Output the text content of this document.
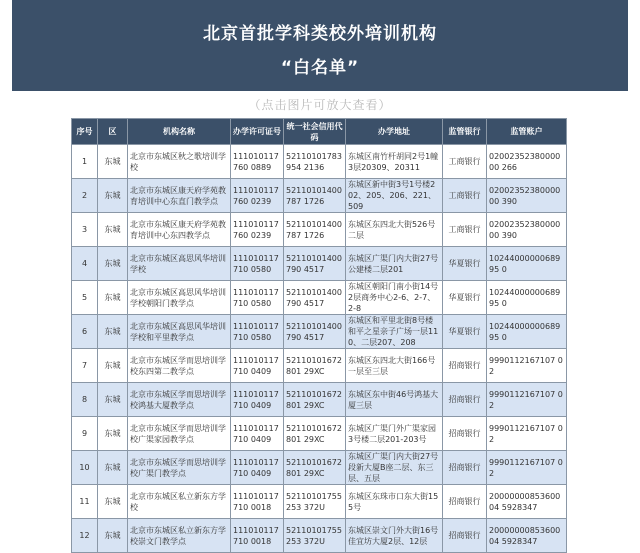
北京首批学科类校外培训机构
“白名单”
（点击图片可放大查看）
序号	区	机构名称	办学许可证号	统一社会信用代码	办学地址	监管银行	监管账户

1	东城	北京市东城区秋之歌培训学校	111010117760 0889	52110101783954 2136	东城区南竹杆胡同2号1幢3层20309、20311	工商银行	0200235238000000 266

2	东城	北京市东城区康天府学苑教育培训中心东直门教学点	111010117760 0239	52110101400787 1726	东城区新中街3号1号楼202、205、206、221、509	工商银行	0200235238000000 390

3	东城	北京市东城区康天府学苑教育培训中心东四教学点	111010117760 0239	52110101400787 1726	东城区东四北大街526号二层	工商银行	0200235238000000 390

4	东城	北京市东城区高思风华培训学校	111010117710 0580	52110101400790 4517	东城区广渠门内大街27号公建楼二层201	华夏银行	1024400000068995 0

5	东城	北京市东城区高思风华培训学校朝阳门教学点	111010117710 0580	52110101400790 4517	东城区朝阳门南小街14号2层商务中心2-6、2-7、2-8	华夏银行	1024400000068995 0

6	东城	北京市东城区高思风华培训学校和平里教学点	111010117710 0580	52110101400790 4517	东城区和平里北街8号楼和平之星亲子广场一层110、二层207、208	华夏银行	1024400000068995 0

7	东城	北京市东城区学而思培训学校东四第二教学点	111010117710 0409	52110101672801 29XC	东城区东四北大街166号一层至三层	招商银行	9990112167107 02

8	东城	北京市东城区学而思培训学校鸿基大厦教学点	111010117710 0409	52110101672801 29XC	东城区东中街46号鸿基大厦三层	招商银行	9990112167107 02

9	东城	北京市东城区学而思培训学校广渠家园教学点	111010117710 0409	52110101672801 29XC	东城区广渠门外广渠家园3号楼二层201-203号	招商银行	9990112167107 02

10	东城	北京市东城区学而思培训学校广渠门教学点	111010117710 0409	52110101672801 29XC	东城区广渠门内大街27号段新大厦B座二层、东三层、五层	招商银行	9990112167107 02

11	东城	北京市东城区私立新东方学校	111010117710 0018	52110101755253 372U	东城区东珠市口东大街155号	招商银行	2000000085360004 5928347

12	东城	北京市东城区私立新东方学校崇文门教学点	111010117710 0018	52110101755253 372U	东城区崇文门外大街16号佳宜坊大厦2层、12层	招商银行	2000000085360004 5928347
